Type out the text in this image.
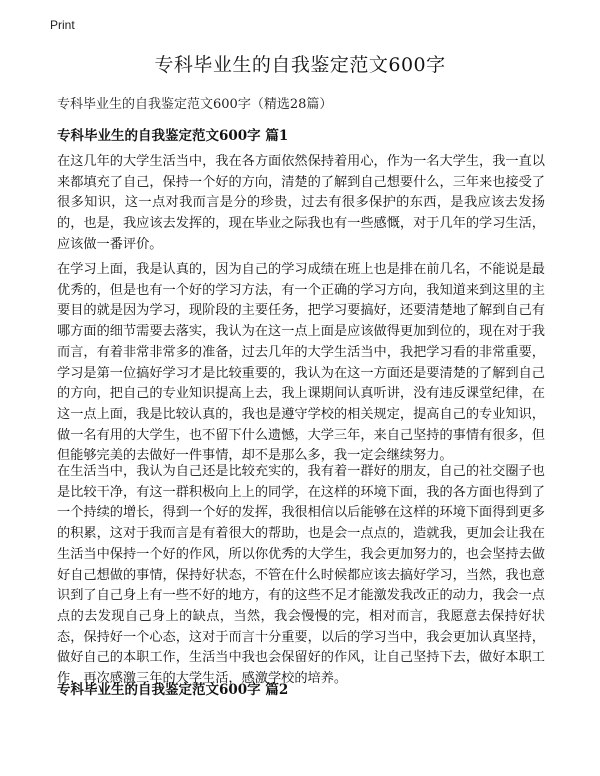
Print
专科毕业生的自我鉴定范文600字
专科毕业生的自我鉴定范文600字（精选28篇）
专科毕业生的自我鉴定范文600字 篇1

在这几年的大学生活当中，我在各方面依然保持着用心，作为一名大学生，我一直以来都填充了自己，保持一个好的方向，清楚的了解到自己想要什么，三年来也接受了很多知识，这一点对我而言是分的珍贵，过去有很多保护的东西，是我应该去发扬的，也是，我应该去发挥的，现在毕业之际我也有一些感慨，对于几年的学习生活，应该做一番评价。

在学习上面，我是认真的，因为自己的学习成绩在班上也是排在前几名，不能说是最优秀的，但是也有一个好的学习方法，有一个正确的学习方向，我知道来到这里的主要目的就是因为学习，现阶段的主要任务，把学习要搞好，还要清楚地了解到自己有哪方面的细节需要去落实，我认为在这一点上面是应该做得更加到位的，现在对于我而言，有着非常非常多的准备，过去几年的大学生活当中，我把学习看的非常重要，学习是第一位搞好学习才是比较重要的，我认为在这一方面还是要清楚的了解到自己的方向，把自己的专业知识提高上去，我上课期间认真听讲，没有违反课堂纪律，在这一点上面，我是比较认真的，我也是遵守学校的相关规定，提高自己的专业知识，做一名有用的大学生，也不留下什么遗憾，大学三年，来自己坚持的事情有很多，但但能够完美的去做好一件事情，却不是那么多，我一定会继续努力。

在生活当中，我认为自己还是比较充实的，我有着一群好的朋友，自己的社交圈子也是比较干净，有这一群积极向上上的同学，在这样的环境下面，我的各方面也得到了一个持续的增长，得到一个好的发挥，我很相信以后能够在这样的环境下面得到更多的积累，这对于我而言是有着很大的帮助，也是会一点点的，造就我，更加会让我在生活当中保持一个好的作风，所以你优秀的大学生，我会更加努力的，也会坚持去做好自己想做的事情，保持好状态，不管在什么时候都应该去搞好学习，当然，我也意识到了自己身上有一些不好的地方，有的这些不足才能激发我改正的动力，我会一点点的去发现自己身上的缺点，当然，我会慢慢的完，相对而言，我愿意去保持好状态，保持好一个心态，这对于而言十分重要，以后的学习当中，我会更加认真坚持，做好自己的本职工作，生活当中我也会保留好的作风，让自己坚持下去，做好本职工作，再次感激三年的大学生活，感激学校的培养。

专科毕业生的自我鉴定范文600字 篇2
